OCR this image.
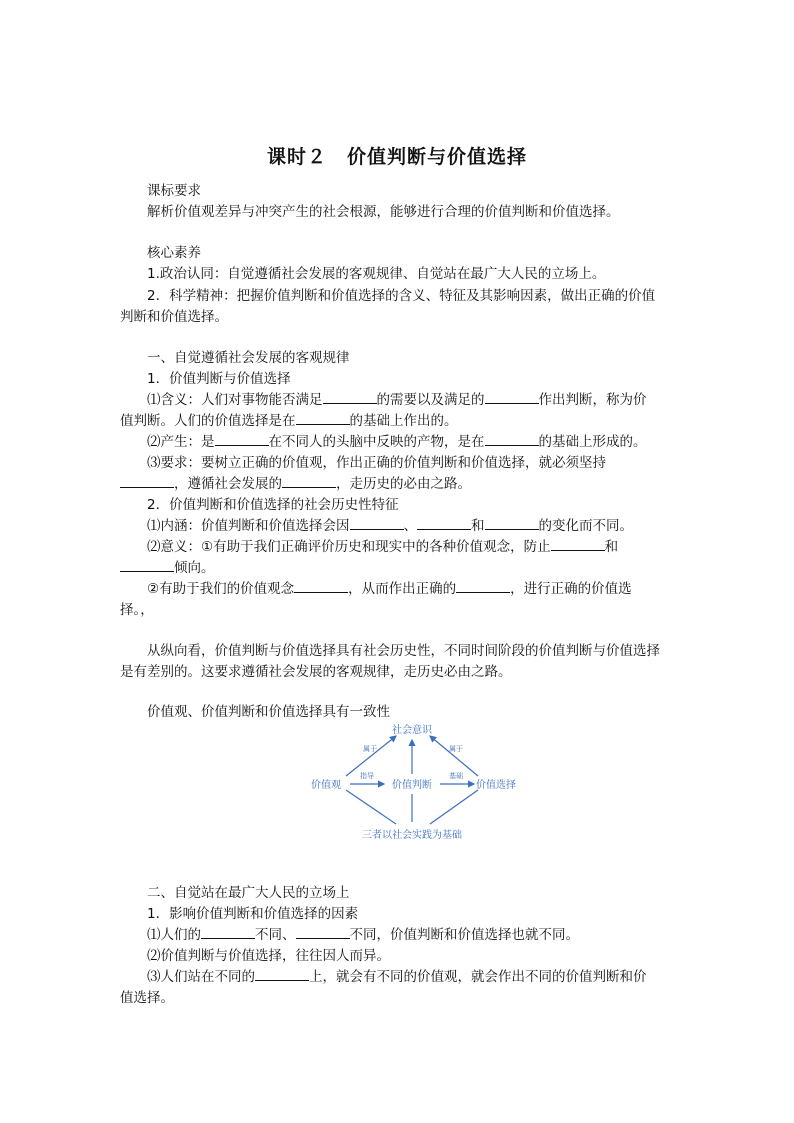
课时２　价值判断与价值选择
课标要求
解析价值观差异与冲突产生的社会根源，能够进行合理的价值判断和价值选择。
核心素养
1.政治认同：自觉遵循社会发展的客观规律、自觉站在最广大人民的立场上。
2．科学精神：把握价值判断和价值选择的含义、特征及其影响因素，做出正确的价值
判断和价值选择。
一、自觉遵循社会发展的客观规律
1．价值判断与价值选择
⑴含义：人们对事物能否满足	的需要以及满足的	作出判断，称为价
值判断。人们的价值选择是在	的基础上作出的。
⑵产生：是	在不同人的头脑中反映的产物，是在	的基础上形成的。
⑶要求：要树立正确的价值观，作出正确的价值判断和价值选择，就必须坚持
，遵循社会发展的	，走历史的必由之路。
2．价值判断和价值选择的社会历史性特征
⑴内涵：价值判断和价值选择会因	、	和	的变化而不同。
⑵意义：①有助于我们正确评价历史和现实中的各种价值观念，防止	和
倾向。
②有助于我们的价值观念	，从而作出正确的	，进行正确的价值选
择。，
从纵向看，价值判断与价值选择具有社会历史性，不同时间阶段的价值判断与价值选择
是有差别的。这要求遵循社会发展的客观规律，走历史必由之路。
价值观、价值判断和价值选择具有一致性
社会意识
价值观	价值判断	价值选择
三者以社会实践为基础
属于	属于
指导	基础
二、自觉站在最广大人民的立场上
1．影响价值判断和价值选择的因素
⑴人们的	不同、	不同，价值判断和价值选择也就不同。
⑵价值判断与价值选择，往往因人而异。
⑶人们站在不同的	上，就会有不同的价值观，就会作出不同的价值判断和价
值选择。
